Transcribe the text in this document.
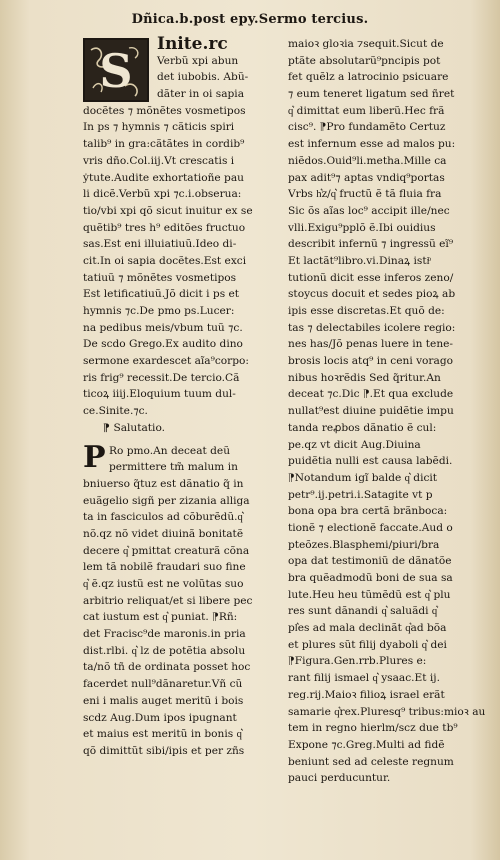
Dñica.b.post epy.Sermo tercius.
S	Inite.rc
Verbũ xpi abun
det iubobis. Abũ-
dãter in oi sapia
docẽtes ⁊ mõnẽtes vosmetipos
In ps ⁊ hymnis ⁊ cãticis spiri
talib⁹ in gra:cãtãtes in cordib⁹
vris dño.Col.iij.Vt crescatis i
ẏtute.Audite exhortatioñe pau
li dicẽ.Verbũ xpi ⁊c.i.obserua:
tio/vbi xpi qõ sicut inuitur ex se
quẽtib⁹ tres h⁹ editões fructuo
sas.Est eni illuiatiuũ.Ideo di-
cit.In oi sapia docẽtes.Est exci
tatiuũ ⁊ mõnẽtes vosmetipos
Est letificatiuũ.Jõ dicit i ps et
hymnis ⁊c.De pmo ps.Lucer:
na pedibus meis/vbum tuũ ⁊c.
De scdo Grego.Ex audito dino
sermone exardescet aĩa⁹corpo:
ris frig⁹ recessit.De tercio.Cã
ticoꝝ iiij.Eloquium tuum dul-
ce.Sinite.⁊c.
⁋ Salutatio.
P Ro pmo.An deceat deũ
permittere tm̃ malum in
bniuerso q̃tuz est dãnatio q̃ in
euãgelio sigñ per zizania alliga
ta in fasciculos ad cõburẽdũ.q͛
nõ.qz nõ videt diuinã bonitatẽ
decere q͛ pmittat creaturã cõna
lem tã nobilẽ fraudari suo fine
q͛ ẽ.qz iustũ est ne volũtas suo
arbitrio reliquat/et si libere pec
cat iustum est q͛ puniat. ⁋Rñ:
det Fracisc⁹de maronis.in pria
dist.rlbi. q͛ lz de potẽtia absolu
ta/nõ tñ de ordinata posset hoc
facerdet null⁹dãnaretur.Vñ cũ
eni i malis auget meritũ i bois
scdz Aug.Dum ipos ipugnant
et maius est meritũ in bonis q͛
qõ dimittũt sibi/ipis et per zñs
maioꝛ gloꝛia ⁊sequit.Sicut de
ptãte absolutarũ⁹pncipis pot
fet quẽlz a latrocinio psicuare
⁊ eum teneret ligatum sed ñret
q͛ dimittat eum liberũ.Hec frã
cisc⁹. ⁋Pro fundamẽto Certuz
est infernum esse ad malos pu:
niẽdos.Ouid⁹li.metha.Mille ca
pax adit⁹⁊ aptas vndiq⁹portas
Vrbs h͛z/q͛ fructũ ẽ tã fluia fra
Sic õs aĩas loc⁹ accipit ille/nec
vlli.Exigu⁹pplõ ẽ.Ibi ouidius
describit infernũ ⁊ ingressũ eĩ⁹
Et lactãt⁹libro.vi.Dinaꝝ istiͦ
tutionũ dicit esse inferos zeno/
stoycus docuit et sedes pioꝝ ab
ipis esse discretas.Et quõ de:
tas ⁊ delectabiles icolere regio:
nes has/Jõ penas luere in tene-
brosis locis atq⁹ in ceni vorago
nibus hoꝛrẽdis Sed q̃ritur.An
deceat ⁊c.Dic ⁋.Et qua exclude
nullat⁹est diuine puidẽtie impu
tanda reꝓbos dãnatio ẽ cul:
pe.qz vt dicit Aug.Diuina
puidẽtia nulli est causa labẽdi.
⁋Notandum igĩ balde q͛ dicit
petr⁹.ij.petri.i.Satagite vt p
bona opa bra certã brãnboca:
tionẽ ⁊ electionẽ faccate.Aud o
pteõzes.Blasphemi/piuri/bra
opa dat testimoniũ de dãnatõe
bra quẽadmodũ boni de sua sa
lute.Heu heu tũmẽdũ est q͛ plu
res sunt dãnandi q͛ saluãdi q͛
pl͛es ad mala declinãt q͛ad bõa
et plures sũt filij dyaboli q͛ dei
⁋Figura.Gen.rrb.Plures e:
rant filij ismael q͛ ysaac.Et ij.
reg.rij.Maioꝛ filioꝝ israel erãt
samarie q͛rex.Pluresq⁹ tribus:mioꝛ au
tem in regno hierlm/scz due tb⁹
Expone ⁊c.Greg.Multi ad fidẽ
beniunt sed ad celeste regnum
pauci perducuntur.
